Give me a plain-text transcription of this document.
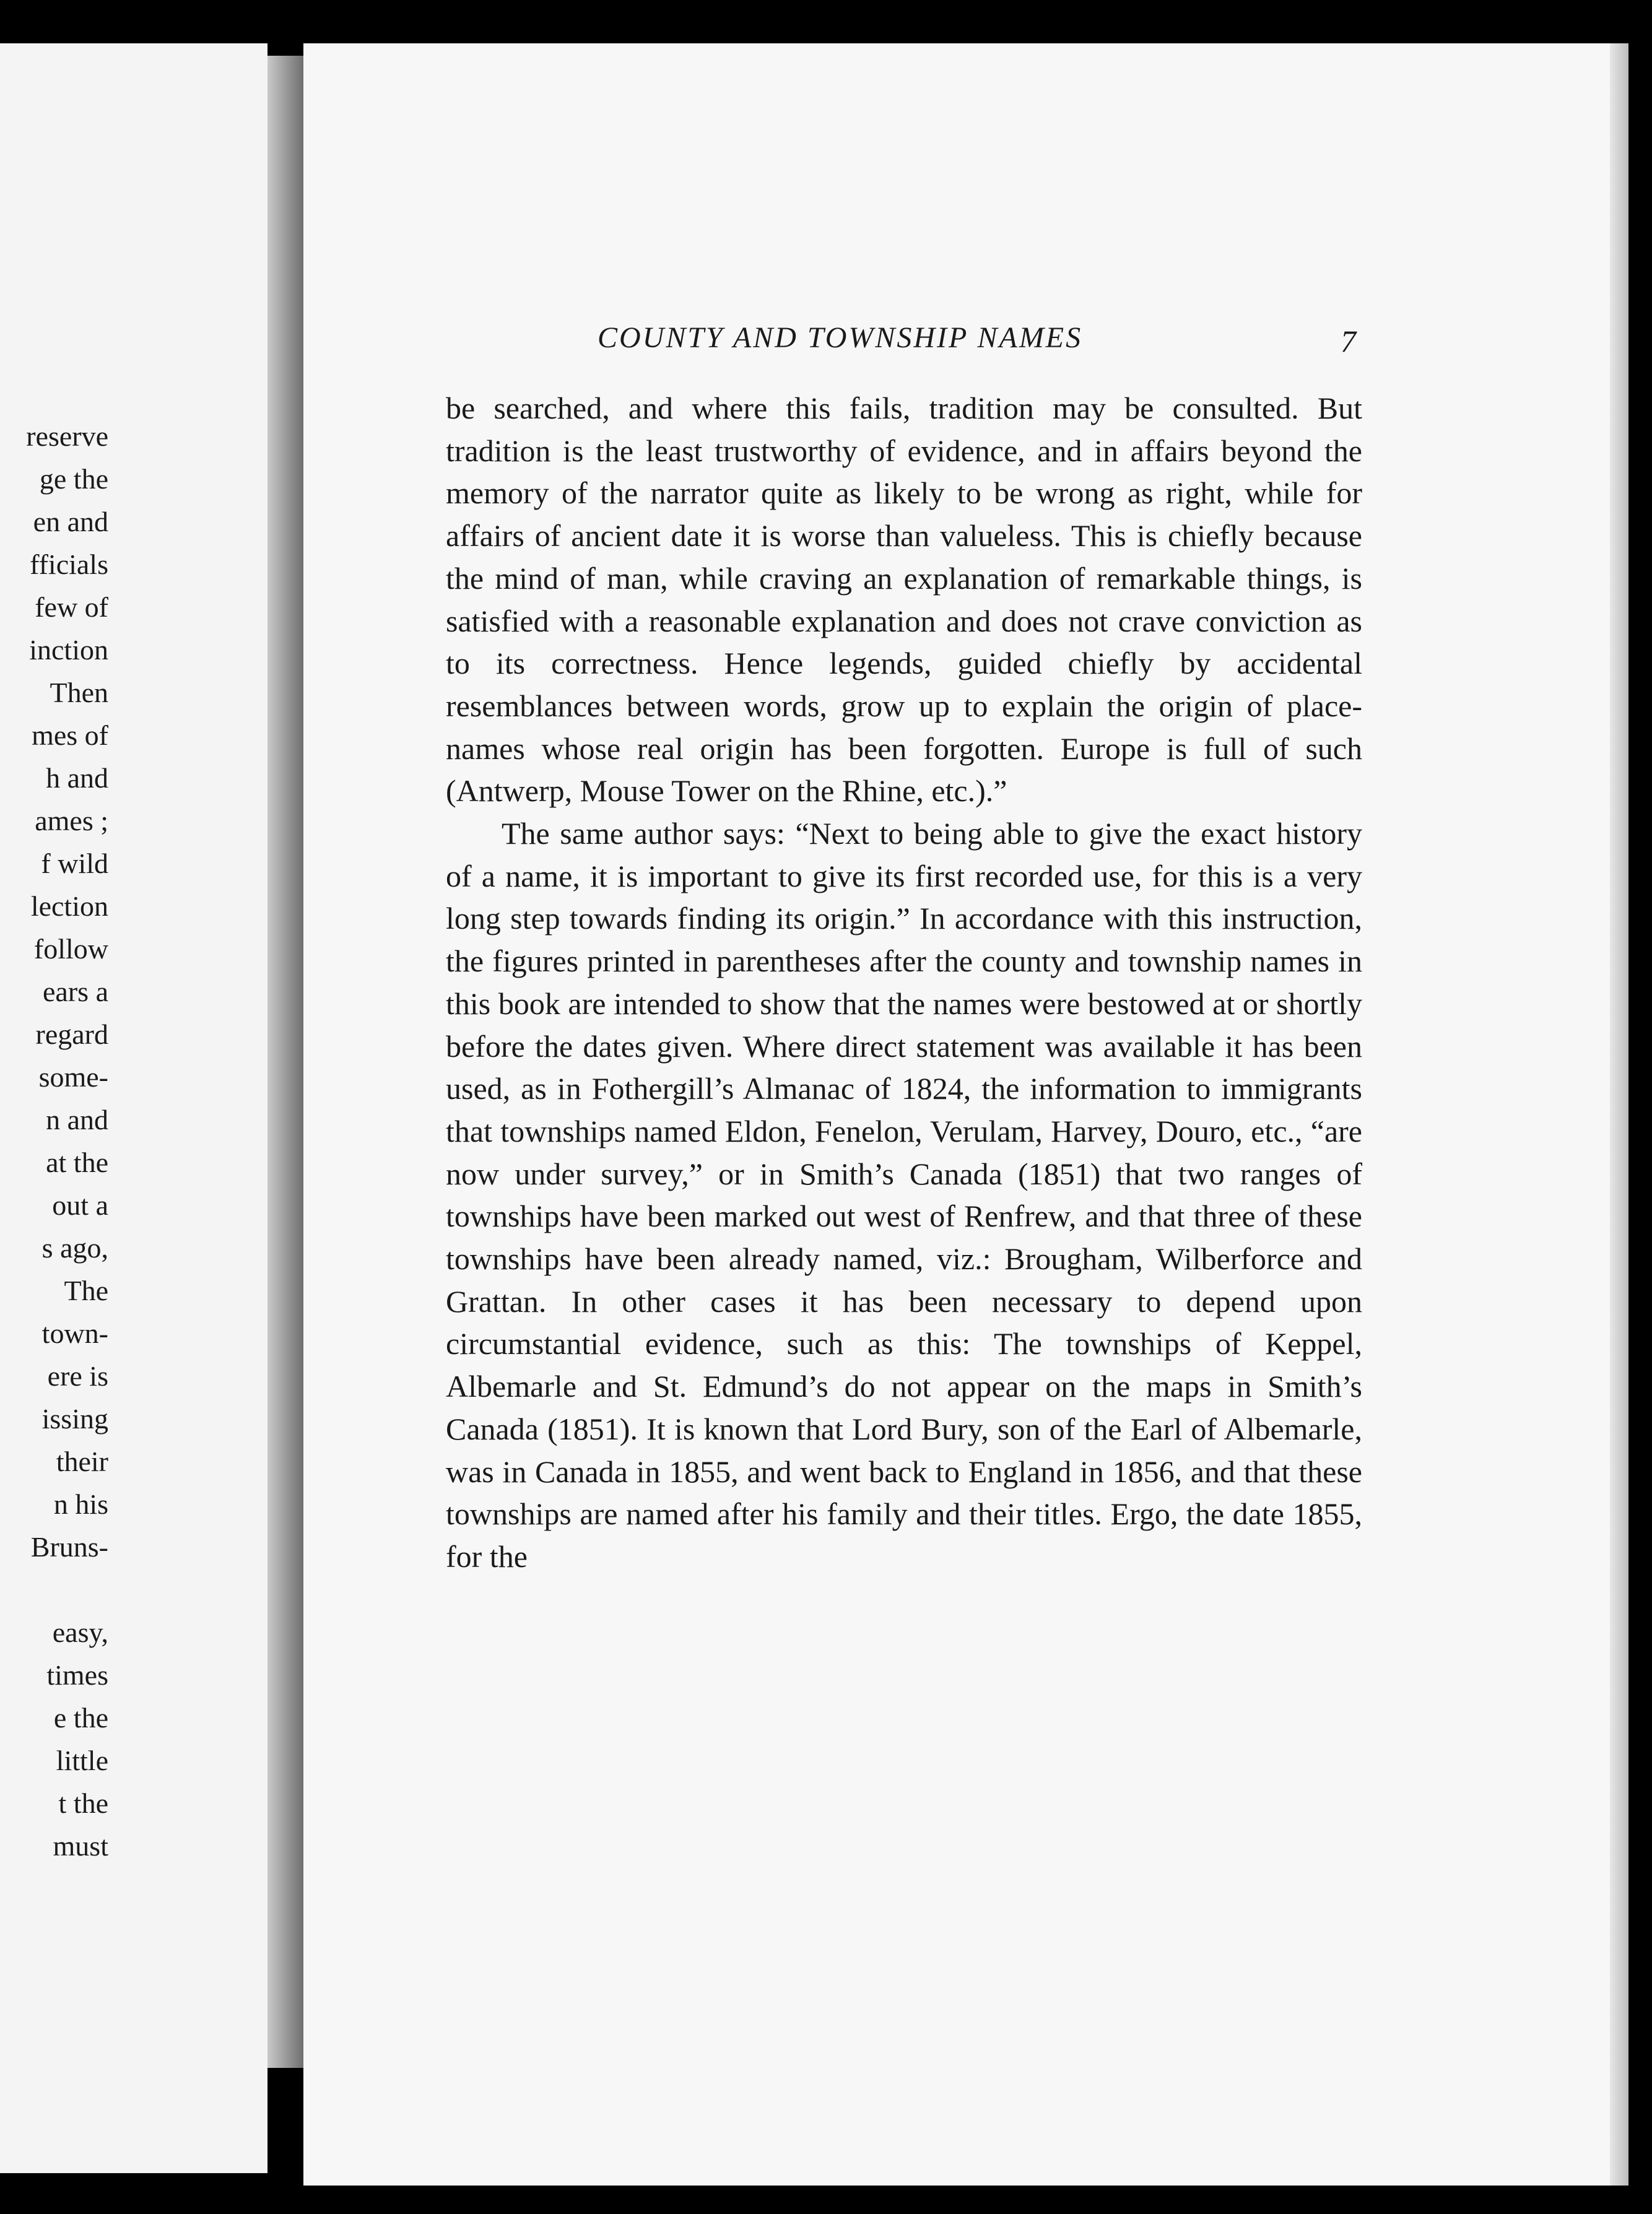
reserve
ge the
en and
fficials
few of
inction
Then
mes of
h and
ames ;
f wild
lection
follow
ears a
regard
some-
n and
at the
out a
s ago,
The
town-
ere is
issing
their
n his
Bruns-
easy,
times
e the
little
t the
must
COUNTY AND TOWNSHIP NAMES	7

be searched, and where this fails, tradition may be consulted. But tradition is the least trustworthy of evidence, and in affairs beyond the memory of the narrator quite as likely to be wrong as right, while for affairs of ancient date it is worse than valueless. This is chiefly because the mind of man, while craving an explanation of remarkable things, is satisfied with a reasonable explanation and does not crave conviction as to its correctness. Hence legends, guided chiefly by accidental resemblances between words, grow up to explain the origin of place-names whose real origin has been forgotten. Europe is full of such (Antwerp, Mouse Tower on the Rhine, etc.).”

The same author says: “Next to being able to give the exact history of a name, it is important to give its first recorded use, for this is a very long step towards finding its origin.” In accordance with this instruction, the figures printed in parentheses after the county and township names in this book are intended to show that the names were bestowed at or shortly before the dates given. Where direct statement was available it has been used, as in Fothergill’s Almanac of 1824, the information to immigrants that townships named Eldon, Fenelon, Verulam, Harvey, Douro, etc., “are now under survey,” or in Smith’s Canada (1851) that two ranges of townships have been marked out west of Renfrew, and that three of these townships have been already named, viz.: Brougham, Wilberforce and Grattan. In other cases it has been necessary to depend upon circumstantial evidence, such as this: The townships of Keppel, Albemarle and St. Edmund’s do not appear on the maps in Smith’s Canada (1851). It is known that Lord Bury, son of the Earl of Albemarle, was in Canada in 1855, and went back to England in 1856, and that these townships are named after his family and their titles. Ergo, the date 1855, for the
